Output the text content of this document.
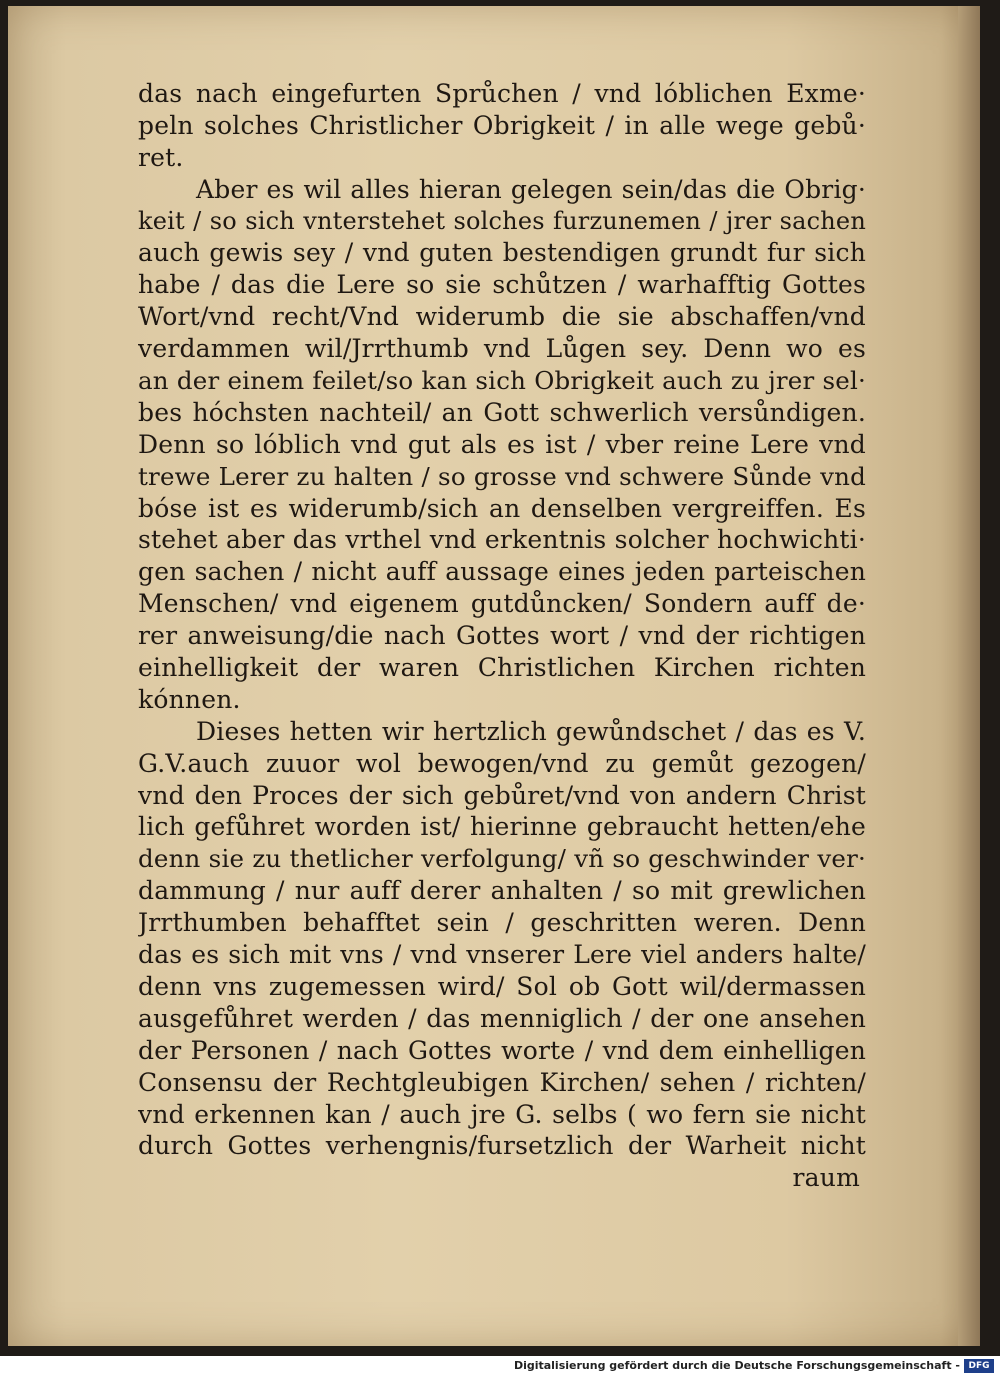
das nach eingefurten Sprůchen / vnd lóblichen Exme·
peln solches Christlicher Obrigkeit / in alle wege gebů·
ret.
Aber es wil alles hieran gelegen sein/das die Obrig·
keit / so sich vnterstehet solches furzunemen / jrer sachen
auch gewis sey / vnd guten bestendigen grundt fur sich
habe / das die Lere so sie schůtzen / warhafftig Gottes
Wort/vnd recht/Vnd widerumb die sie abschaffen/vnd
verdammen wil/Jrrthumb vnd Lůgen sey. Denn wo es
an der einem feilet/so kan sich Obrigkeit auch zu jrer sel·
bes hóchsten nachteil/ an Gott schwerlich versůndigen.
Denn so lóblich vnd gut als es ist / vber reine Lere vnd
trewe Lerer zu halten / so grosse vnd schwere Sůnde vnd
bóse ist es widerumb/sich an denselben vergreiffen. Es
stehet aber das vrthel vnd erkentnis solcher hochwichti·
gen sachen / nicht auff aussage eines jeden parteischen
Menschen/ vnd eigenem gutdůncken/ Sondern auff de·
rer anweisung/die nach Gottes wort / vnd der richtigen
einhelligkeit der waren Christlichen Kirchen richten
kónnen.
Dieses hetten wir hertzlich gewůndschet / das es V.
G.V.auch zuuor wol bewogen/vnd zu gemůt gezogen/
vnd den Proces der sich gebůret/vnd von andern Christ
lich gefůhret worden ist/ hierinne gebraucht hetten/ehe
denn sie zu thetlicher verfolgung/ vñ so geschwinder ver·
dammung / nur auff derer anhalten / so mit grewlichen
Jrrthumben behafftet sein / geschritten weren. Denn
das es sich mit vns / vnd vnserer Lere viel anders halte/
denn vns zugemessen wird/ Sol ob Gott wil/dermassen
ausgefůhret werden / das menniglich / der one ansehen
der Personen / nach Gottes worte / vnd dem einhelligen
Consensu der Rechtgleubigen Kirchen/ sehen / richten/
vnd erkennen kan / auch jre G. selbs ( wo fern sie nicht
durch Gottes verhengnis/fursetzlich der Warheit nicht
raum
Digitalisierung gefördert durch die Deutsche Forschungsgemeinschaft - DFG
